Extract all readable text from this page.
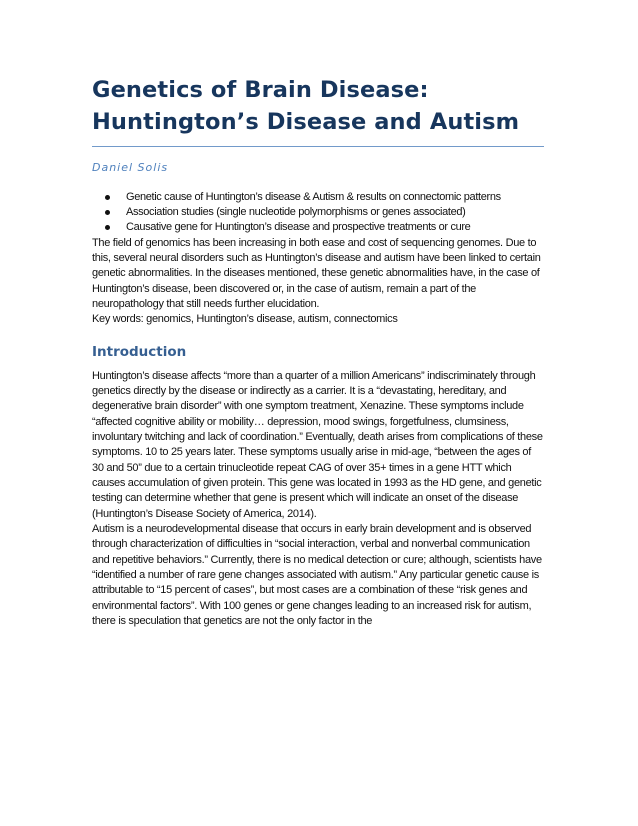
Genetics of Brain Disease: Huntington’s Disease and Autism
Daniel Solis
Genetic cause of Huntington’s disease & Autism & results on connectomic patterns
Association studies (single nucleotide polymorphisms or genes associated)
Causative gene for Huntington’s disease and prospective treatments or cure

The field of genomics has been increasing in both ease and cost of sequencing genomes. Due to this, several neural disorders such as Huntington’s disease and autism have been linked to certain genetic abnormalities. In the diseases mentioned, these genetic abnormalities have, in the case of Huntington’s disease, been discovered or, in the case of autism, remain a part of the neuropathology that still needs further elucidation.

Key words: genomics, Huntington’s disease, autism, connectomics

Introduction

Huntington’s disease affects “more than a quarter of a million Americans” indiscriminately through genetics directly by the disease or indirectly as a carrier. It is a “devastating, hereditary, and degenerative brain disorder” with one symptom treatment, Xenazine. These symptoms include “affected cognitive ability or mobility… depression, mood swings, forgetfulness, clumsiness, involuntary twitching and lack of coordination.” Eventually, death arises from complications of these symptoms. 10 to 25 years later. These symptoms usually arise in mid-age, “between the ages of 30 and 50” due to a certain trinucleotide repeat CAG of over 35+ times in a gene HTT which causes accumulation of given protein. This gene was located in 1993 as the HD gene, and genetic testing can determine whether that gene is present which will indicate an onset of the disease (Huntington’s Disease Society of America, 2014).

Autism is a neurodevelopmental disease that occurs in early brain development and is observed through characterization of difficulties in “social interaction, verbal and nonverbal communication and repetitive behaviors.” Currently, there is no medical detection or cure; although, scientists have “identified a number of rare gene changes associated with autism.” Any particular genetic cause is attributable to “15 percent of cases”, but most cases are a combination of these “risk genes and environmental factors”. With 100 genes or gene changes leading to an increased risk for autism, there is speculation that genetics are not the only factor in the
